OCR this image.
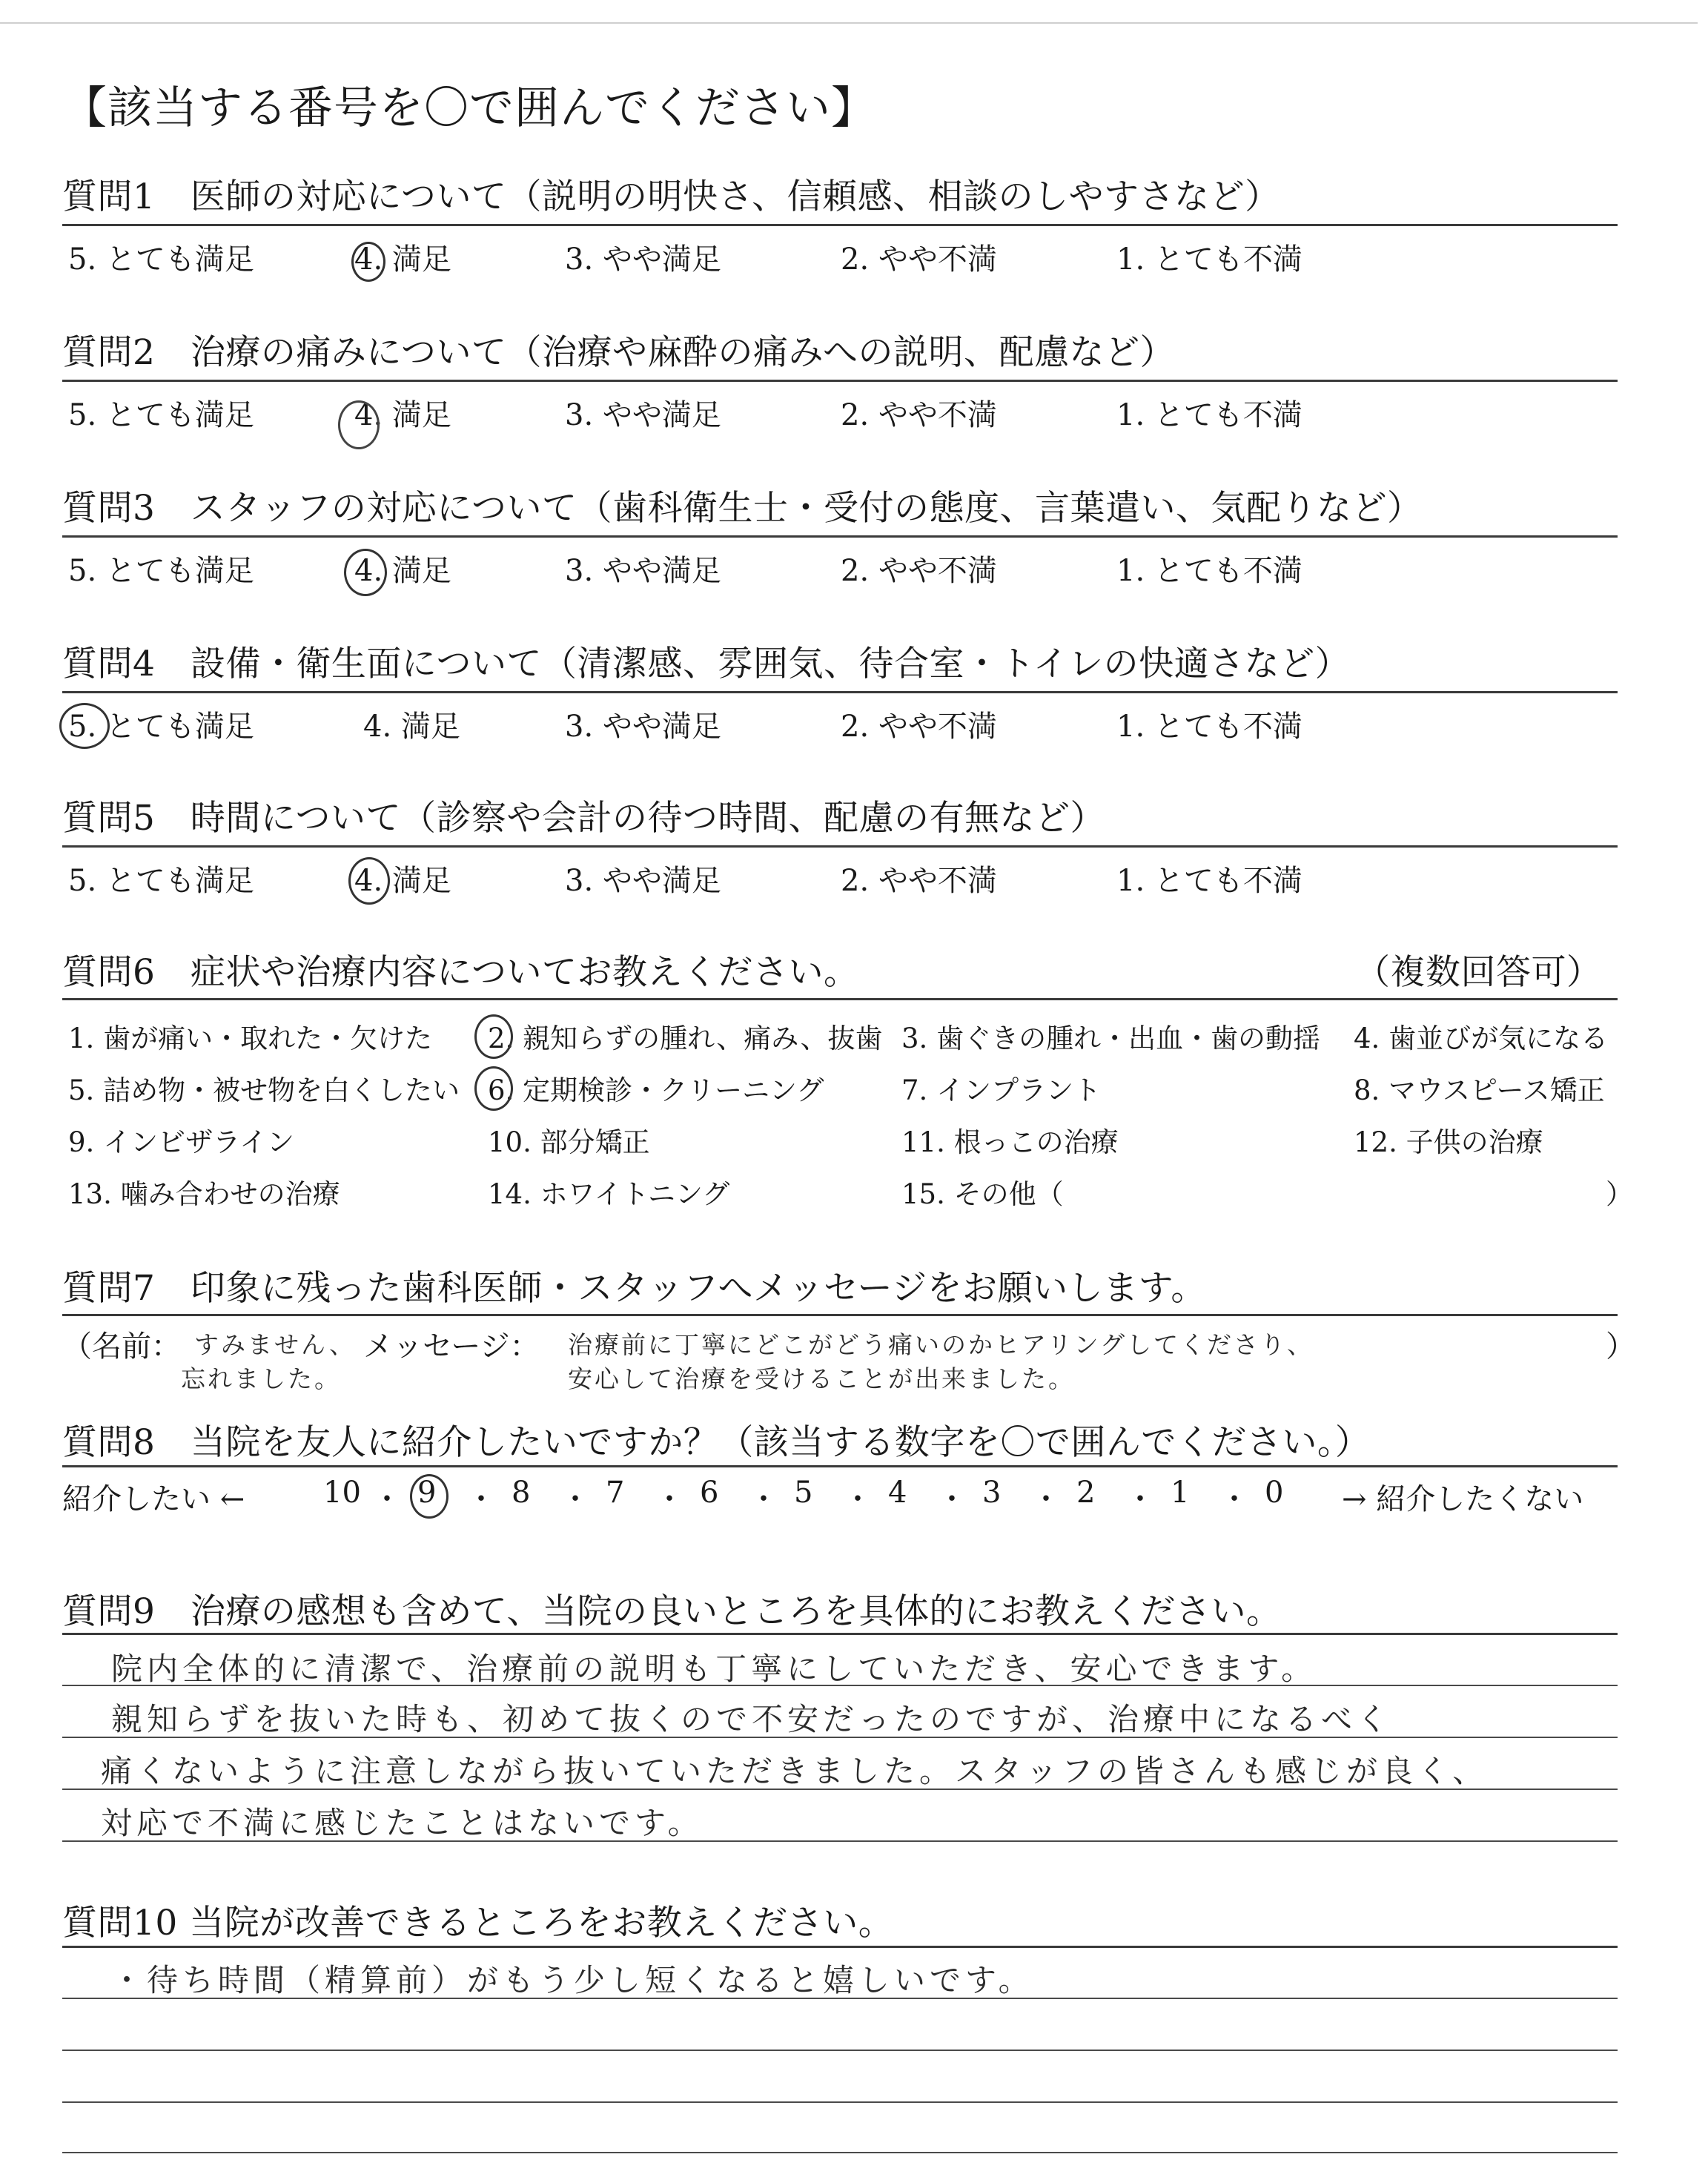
【該当する番号を〇で囲んでください】
質問1　医師の対応について（説明の明快さ、信頼感、相談のしやすさなど）
5. とても満足	4. 満足	3. やや満足	2. やや不満	1. とても不満
質問2　治療の痛みについて（治療や麻酔の痛みへの説明、配慮など）
5. とても満足	4. 満足	3. やや満足	2. やや不満	1. とても不満
質問3　スタッフの対応について（歯科衛生士・受付の態度、言葉遣い、気配りなど）
5. とても満足	4. 満足	3. やや満足	2. やや不満	1. とても不満
質問4　設備・衛生面について（清潔感、雰囲気、待合室・トイレの快適さなど）
5. とても満足	4. 満足	3. やや満足	2. やや不満	1. とても不満
質問5　時間について（診察や会計の待つ時間、配慮の有無など）
5. とても満足	4. 満足	3. やや満足	2. やや不満	1. とても不満
質問6　症状や治療内容についてお教えください。	（複数回答可）
1. 歯が痛い・取れた・欠けた 2. 親知らずの腫れ、痛み、抜歯 3. 歯ぐきの腫れ・出血・歯の動揺 4. 歯並びが気になる
5. 詰め物・被せ物を白くしたい 6. 定期検診・クリーニング	7. インプラント	8. マウスピース矯正
9. インビザライン	10. 部分矯正	11. 根っこの治療	12. 子供の治療
13. 噛み合わせの治療	14. ホワイトニング	15. その他（	）
質問7　印象に残った歯科医師・スタッフへメッセージをお願いします。
（名前： すみません、
忘れました。
メッセージ： 治療前に丁寧にどこがどう痛いのかヒアリングしてくださり、
安心して治療を受けることが出来ました。
）
質問8　当院を友人に紹介したいですか？（該当する数字を〇で囲んでください。）
紹介したい ←	10 ・ 9 ・ 8 ・ 7 ・ 6 ・ 5 ・ 4 ・ 3 ・ 2 ・ 1 ・ 0 → 紹介したくない
質問9　治療の感想も含めて、当院の良いところを具体的にお教えください。
院内全体的に清潔で、治療前の説明も丁寧にしていただき、安心できます。
親知らずを抜いた時も、初めて抜くので不安だったのですが、治療中になるべく
痛くないように注意しながら抜いていただきました。スタッフの皆さんも感じが良く、
対応で不満に感じたことはないです。
質問10 当院が改善できるところをお教えください。
・待ち時間（精算前）がもう少し短くなると嬉しいです。
